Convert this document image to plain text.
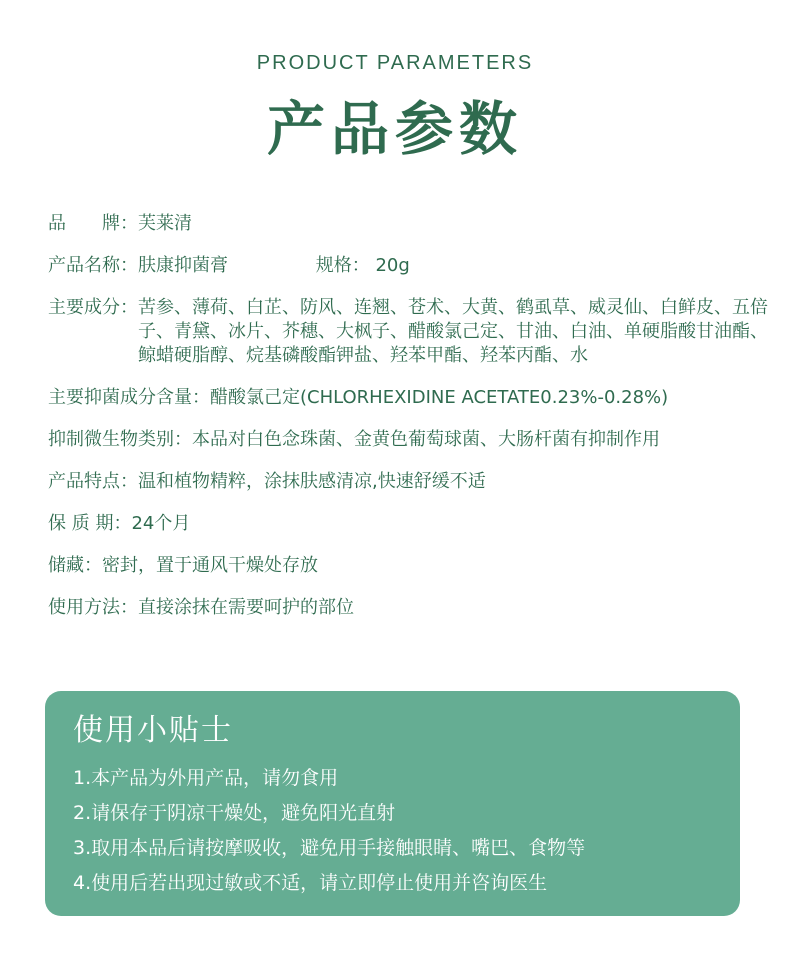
PRODUCT PARAMETERS
产品参数
品　　牌： 芙莱清
产品名称： 肤康抑菌膏	规格： 20g
主要成分： 苦参、薄荷、白芷、防风、连翘、苍术、大黄、鹤虱草、威灵仙、白鲜皮、五倍子、青黛、冰片、芥穗、大枫子、醋酸氯己定、甘油、白油、单硬脂酸甘油酯、鲸蜡硬脂醇、烷基磷酸酯钾盐、羟苯甲酯、羟苯丙酯、水
主要抑菌成分含量： 醋酸氯己定(CHLORHEXIDINE ACETATE0.23%-0.28%)
抑制微生物类别： 本品对白色念珠菌、金黄色葡萄球菌、大肠杆菌有抑制作用
产品特点： 温和植物精粹，涂抹肤感清凉,快速舒缓不适
保 质 期： 24个月
储藏： 密封，置于通风干燥处存放
使用方法： 直接涂抹在需要呵护的部位
使用小贴士
1.本产品为外用产品，请勿食用
2.请保存于阴凉干燥处，避免阳光直射
3.取用本品后请按摩吸收，避免用手接触眼睛、嘴巴、食物等
4.使用后若出现过敏或不适，请立即停止使用并咨询医生
